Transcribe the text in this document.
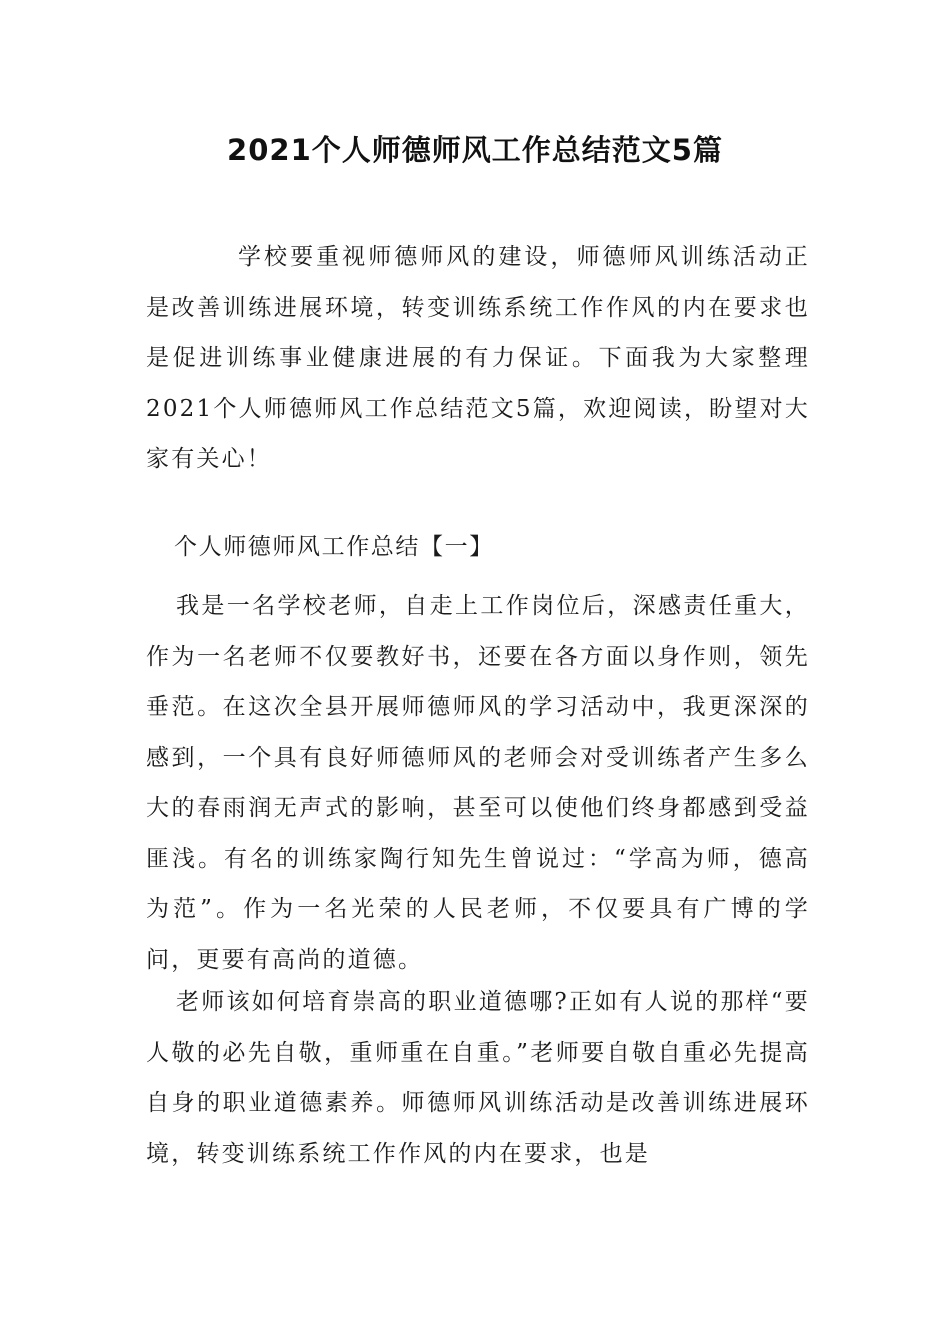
2021个人师德师风工作总结范文5篇

学校要重视师德师风的建设，师德师风训练活动正是改善训练进展环境，转变训练系统工作作风的内在要求也是促进训练事业健康进展的有力保证。下面我为大家整理2021个人师德师风工作总结范文5篇，欢迎阅读，盼望对大家有关心！

个人师德师风工作总结【一】

我是一名学校老师，自走上工作岗位后，深感责任重大，作为一名老师不仅要教好书，还要在各方面以身作则，领先垂范。在这次全县开展师德师风的学习活动中，我更深深的感到，一个具有良好师德师风的老师会对受训练者产生多么大的春雨润无声式的影响，甚至可以使他们终身都感到受益匪浅。有名的训练家陶行知先生曾说过：“学高为师，德高为范”。作为一名光荣的人民老师，不仅要具有广博的学问，更要有高尚的道德。

老师该如何培育崇高的职业道德哪?正如有人说的那样“要人敬的必先自敬，重师重在自重。”老师要自敬自重必先提高自身的职业道德素养。师德师风训练活动是改善训练进展环境，转变训练系统工作作风的内在要求，也是
